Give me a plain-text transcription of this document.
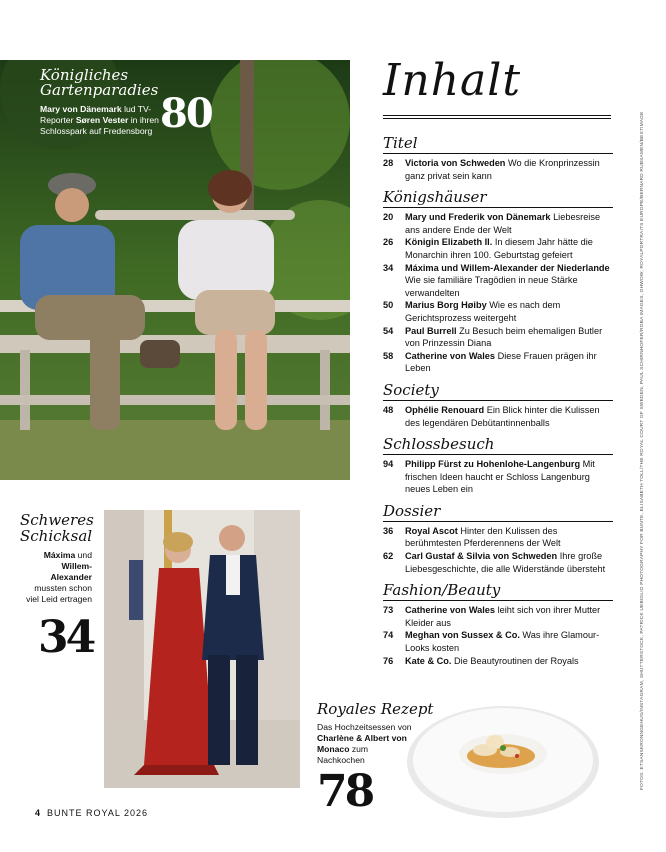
Königliches
Gartenparadies
Mary von Dänemark lud TV-Reporter Søren Vester in ihren Schlosspark auf Fredensborg 80
Inhalt
Titel
28	Victoria von Schweden Wo die Kronprinzessin ganz privat sein kann
Königshäuser
20	Mary und Frederik von Dänemark Liebesreise ans andere Ende der Welt
26	Königin Elizabeth II. In diesem Jahr hätte die Monarchin ihren 100. Geburtstag gefeiert
34	Máxima und Willem-Alexander der Niederlande Wie sie familiäre Tragödien in neue Stärke verwandelten
50	Marius Borg Høiby Wie es nach dem Gerichtsprozess weitergeht
54	Paul Burrell Zu Besuch beim ehemaligen Butler von Prinzessin Diana
58	Catherine von Wales Diese Frauen prägen ihr Leben
Society
48	Ophélie Renouard Ein Blick hinter die Kulissen des legendären Debütantinnenballs
Schlossbesuch
94	Philipp Fürst zu Hohenlohe-Langenburg Mit frischen Ideen haucht er Schloss Langenburg neues Leben ein
Dossier
36	Royal Ascot Hinter den Kulissen des berühmtesten Pferderennens der Welt
62	Carl Gustaf & Silvia von Schweden Ihre große Liebesgeschichte, die alle Widerstände übersteht
Fashion/Beauty
73	Catherine von Wales leiht sich von ihrer Mutter Kleider aus
74	Meghan von Sussex & Co. Was ihre Glamour-Looks kosten
76	Kate & Co. Die Beautyroutinen der Royals	FOTOS: ETSANSKRONNGEHUS/INSTAGRAM, SHUTTERSTOCK, PATRICK UEBIGLIO PHOTOGRAPHY FOR BUNTE, ELISABETH TOLL/THE ROYAL COURT OF SWEDEN, PAUL SCHIRNHOFER/ROBA IMAGES, OHWOW, ROYALPORTRAITS EUROPE/BERNARD RUBSAMEN/BESTIMAGE
Schweres
Schicksal
Máxima und Willem-Alexander mussten schon viel Leid ertragen
34
Royales Rezept
Das Hochzeitsessen von Charlène & Albert von Monaco zum Nachkochen
78
4 BUNTE ROYAL 2026
